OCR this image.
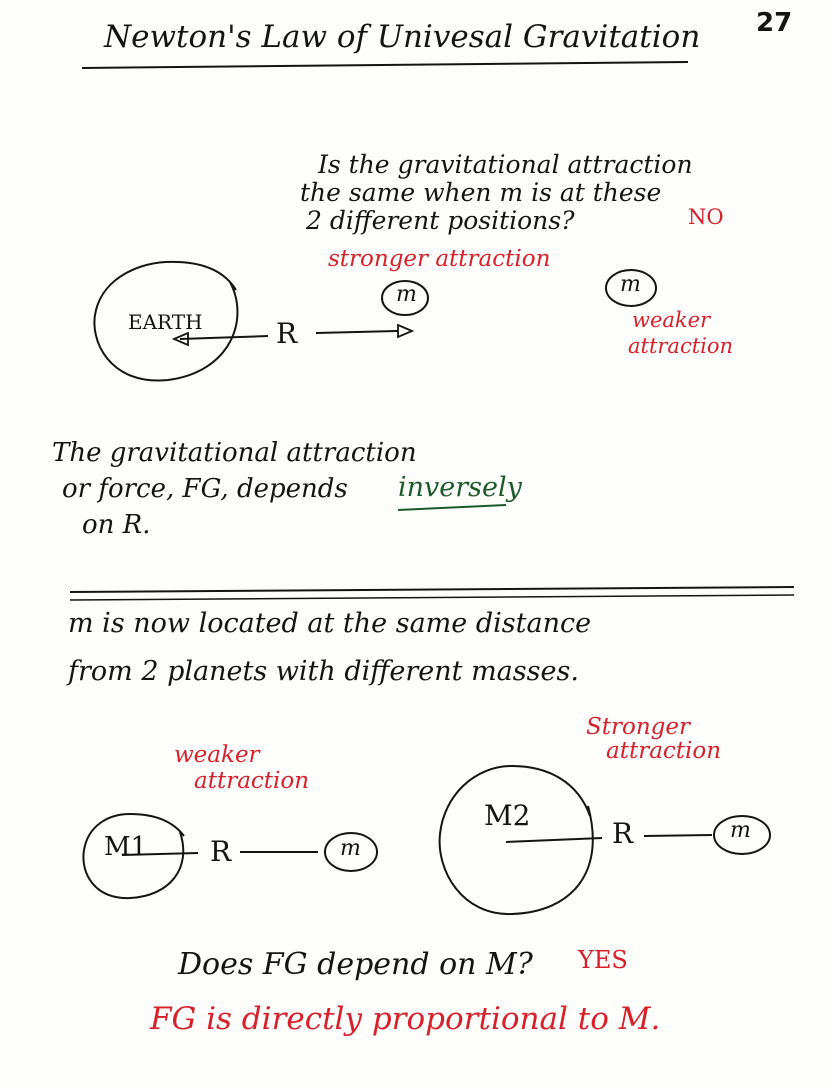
27
Newton's Law of Univesal Gravitation
Is the gravitational attraction
the same when m is at these
2 different positions?	NO
stronger attraction
EARTH	R
m	m
weaker
attraction
The gravitational attraction
or force, FG, depends inversely
on R.
m is now located at the same distance
from 2 planets with different masses.
weaker
attraction
Stronger
attraction
M1 R	m
M2
R	m
Does FG depend on M? YES
FG is directly proportional to M.
